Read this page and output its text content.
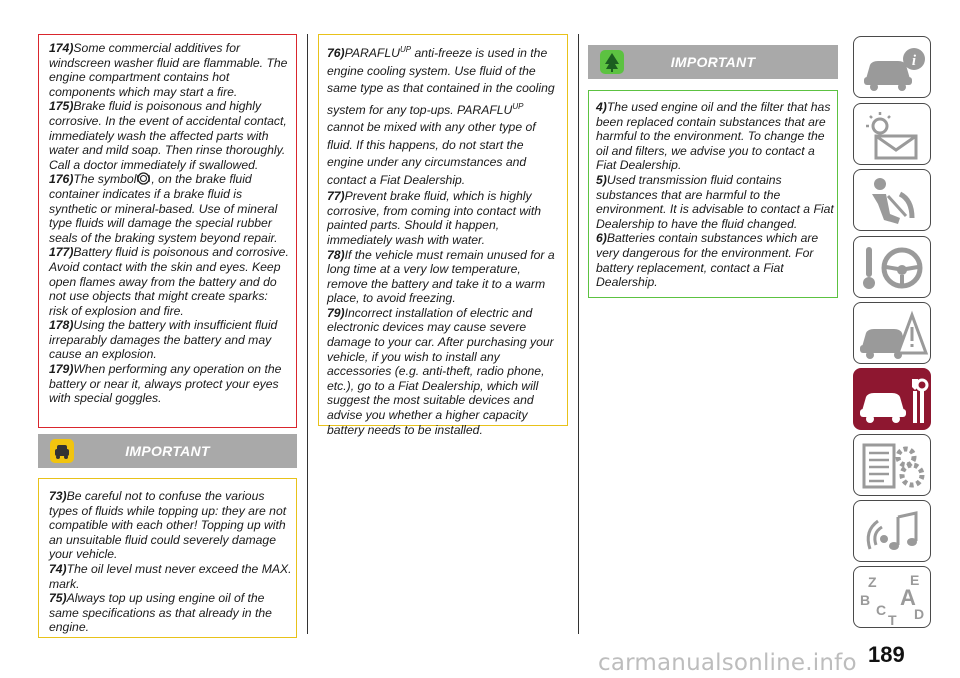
174)Some commercial additives for windscreen washer fluid are flammable. The engine compartment contains hot components which may start a fire.

175)Brake fluid is poisonous and highly corrosive. In the event of accidental contact, immediately wash the affected parts with water and mild soap. Then rinse thoroughly. Call a doctor immediately if swallowed.

176)The symbol , on the brake fluid container indicates if a brake fluid is synthetic or mineral-based. Use of mineral type fluids will damage the special rubber seals of the braking system beyond repair.

177)Battery fluid is poisonous and corrosive. Avoid contact with the skin and eyes. Keep open flames away from the battery and do not use objects that might create sparks: risk of explosion and fire.

178)Using the battery with insufficient fluid irreparably damages the battery and may cause an explosion.

179)When performing any operation on the battery or near it, always protect your eyes with special goggles.

IMPORTANT

73)Be careful not to confuse the various types of fluids while topping up: they are not compatible with each other! Topping up with an unsuitable fluid could severely damage your vehicle.

74)The oil level must never exceed the MAX. mark.

75)Always top up using engine oil of the same specifications as that already in the engine.

$76)PARAFLU^{UP}$ anti-freeze is used in the engine cooling system. Use fluid of the same type as that contained in the cooling system for any top-ups. $PARAFLU^{UP}$ cannot be mixed with any other type of fluid. If this happens, do not start the engine under any circumstances and contact a Fiat Dealership.

77)Prevent brake fluid, which is highly corrosive, from coming into contact with painted parts. Should it happen, immediately wash with water.

78)If the vehicle must remain unused for a long time at a very low temperature, remove the battery and take it to a warm place, to avoid freezing.

79)Incorrect installation of electric and electronic devices may cause severe damage to your car. After purchasing your vehicle, if you wish to install any accessories (e.g. anti-theft, radio phone, etc.), go to a Fiat Dealership, which will suggest the most suitable devices and advise you whether a higher capacity battery needs to be installed.

IMPORTANT

4)The used engine oil and the filter that has been replaced contain substances that are harmful to the environment. To change the oil and filters, we advise you to contact a Fiat Dealership.

5)Used transmission fluid contains substances that are harmful to the environment. It is advisable to contact a Fiat Dealership to have the fluid changed.

6)Batteries contain substances which are very dangerous for the environment. For battery replacement, contact a Fiat Dealership.

i
Z E
B A
C D
T
189
carmanualsonline.info
